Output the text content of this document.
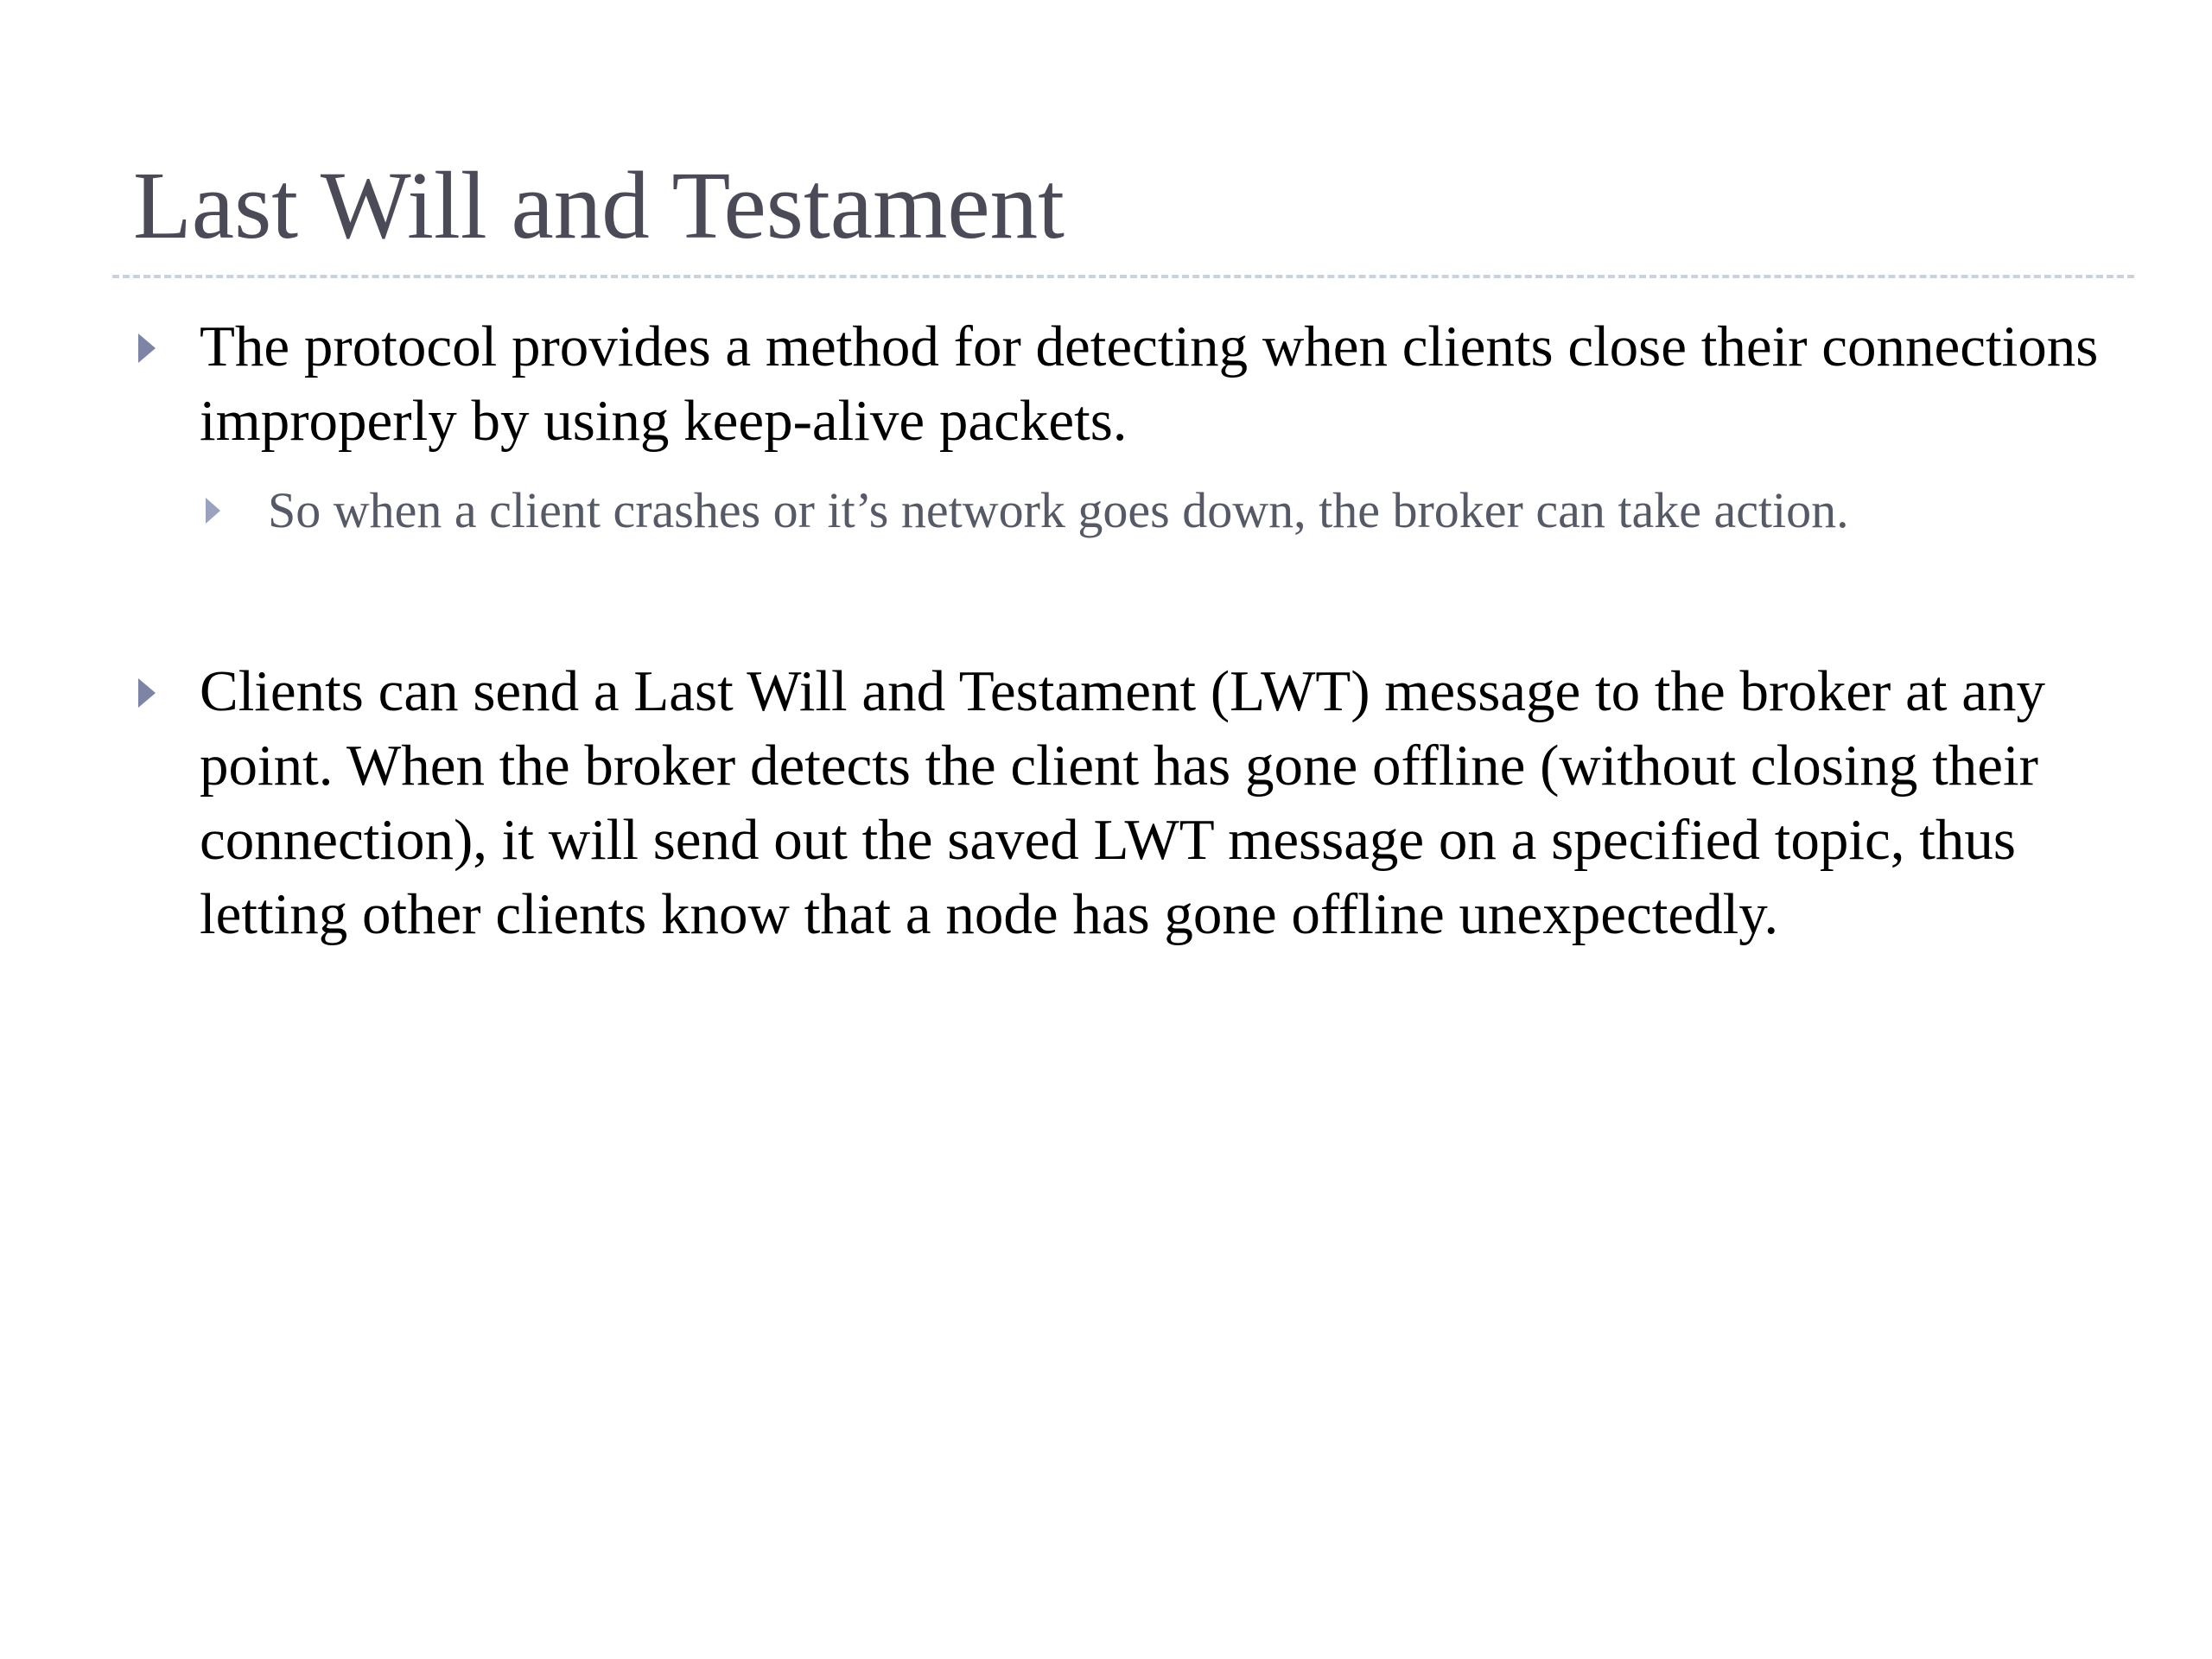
Last Will and Testament
The protocol provides a method for detecting when clients close their connections improperly by using keep-alive packets.
So when a client crashes or it’s network goes down, the broker can take action.
Clients can send a Last Will and Testament (LWT) message to the broker at any point. When the broker detects the client has gone offline (without closing their connection), it will send out the saved LWT message on a specified topic, thus letting other clients know that a node has gone offline unexpectedly.
